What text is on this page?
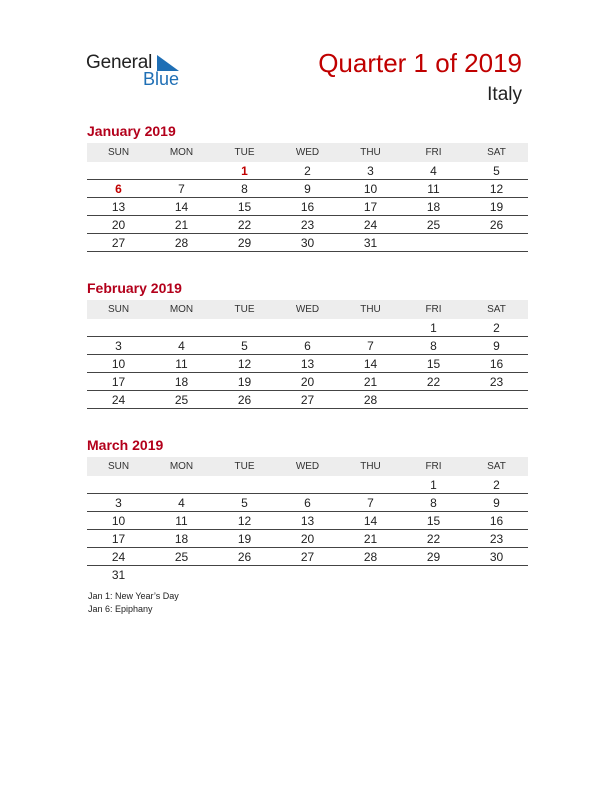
General
Blue
Quarter 1 of 2019
Italy
January 2019
SUN	MON	TUE	WED	THU	FRI	SAT
		1	2	3	4	5
6	7	8	9	10	11	12
13	14	15	16	17	18	19
20	21	22	23	24	25	26
27	28	29	30	31		
February 2019
SUN	MON	TUE	WED	THU	FRI	SAT
					1	2
3	4	5	6	7	8	9
10	11	12	13	14	15	16
17	18	19	20	21	22	23
24	25	26	27	28		
March 2019
SUN	MON	TUE	WED	THU	FRI	SAT
					1	2
3	4	5	6	7	8	9
10	11	12	13	14	15	16
17	18	19	20	21	22	23
24	25	26	27	28	29	30
31						
Jan 1: New Year’s Day
Jan 6: Epiphany
